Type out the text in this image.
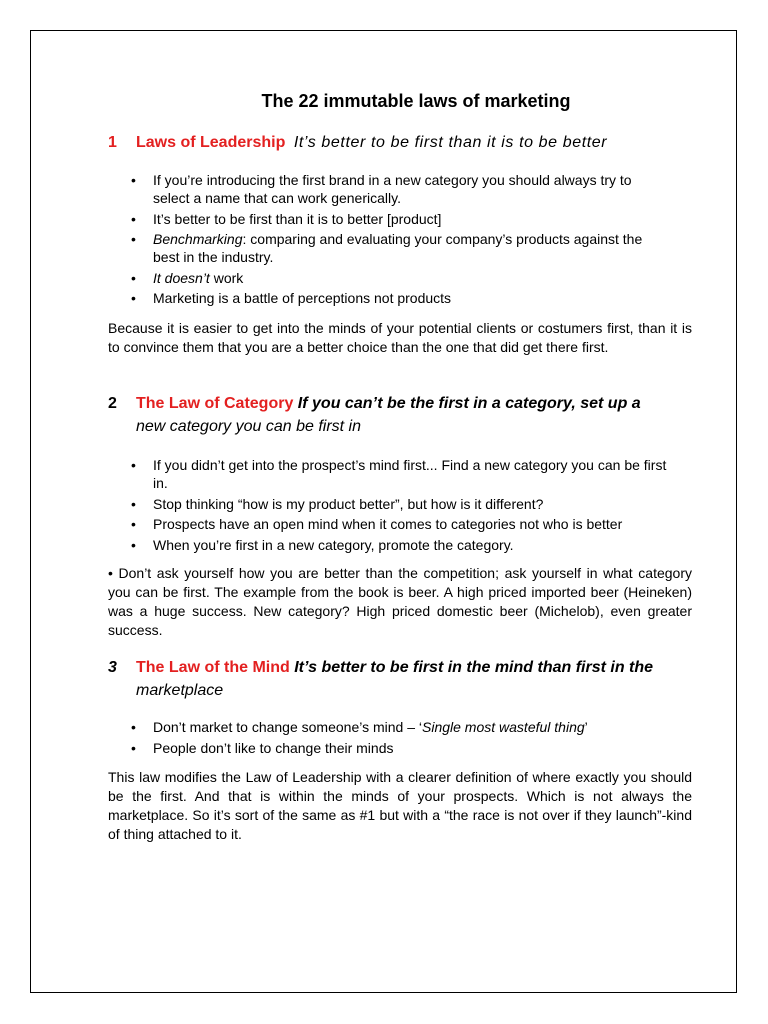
The 22 immutable laws of marketing

1 Laws of Leadership It’s better to be first than it is to be better

• If you’re introducing the first brand in a new category you should always try to select a name that can work generically.
• It’s better to be first than it is to better [product]
• Benchmarking: comparing and evaluating your company’s products against the best in the industry.
• It doesn’t work
• Marketing is a battle of perceptions not products

Because it is easier to get into the minds of your potential clients or costumers first, than it is to convince them that you are a better choice than the one that did get there first.

2 The Law of Category If you can’t be the first in a category, set up a
new category you can be first in

• If you didn’t get into the prospect’s mind first... Find a new category you can be first in.
• Stop thinking “how is my product better”, but how is it different?
• Prospects have an open mind when it comes to categories not who is better
• When you’re first in a new category, promote the category.

• Don’t ask yourself how you are better than the competition; ask yourself in what category you can be first. The example from the book is beer. A high priced imported beer (Heineken) was a huge success. New category? High priced domestic beer (Michelob), even greater success.

3 The Law of the Mind It’s better to be first in the mind than first in the
marketplace

• Don’t market to change someone’s mind – ‘Single most wasteful thing’
• People don’t like to change their minds

This law modifies the Law of Leadership with a clearer definition of where exactly you should be the first. And that is within the minds of your prospects. Which is not always the marketplace. So it’s sort of the same as #1 but with a “the race is not over if they launch”-kind of thing attached to it.
